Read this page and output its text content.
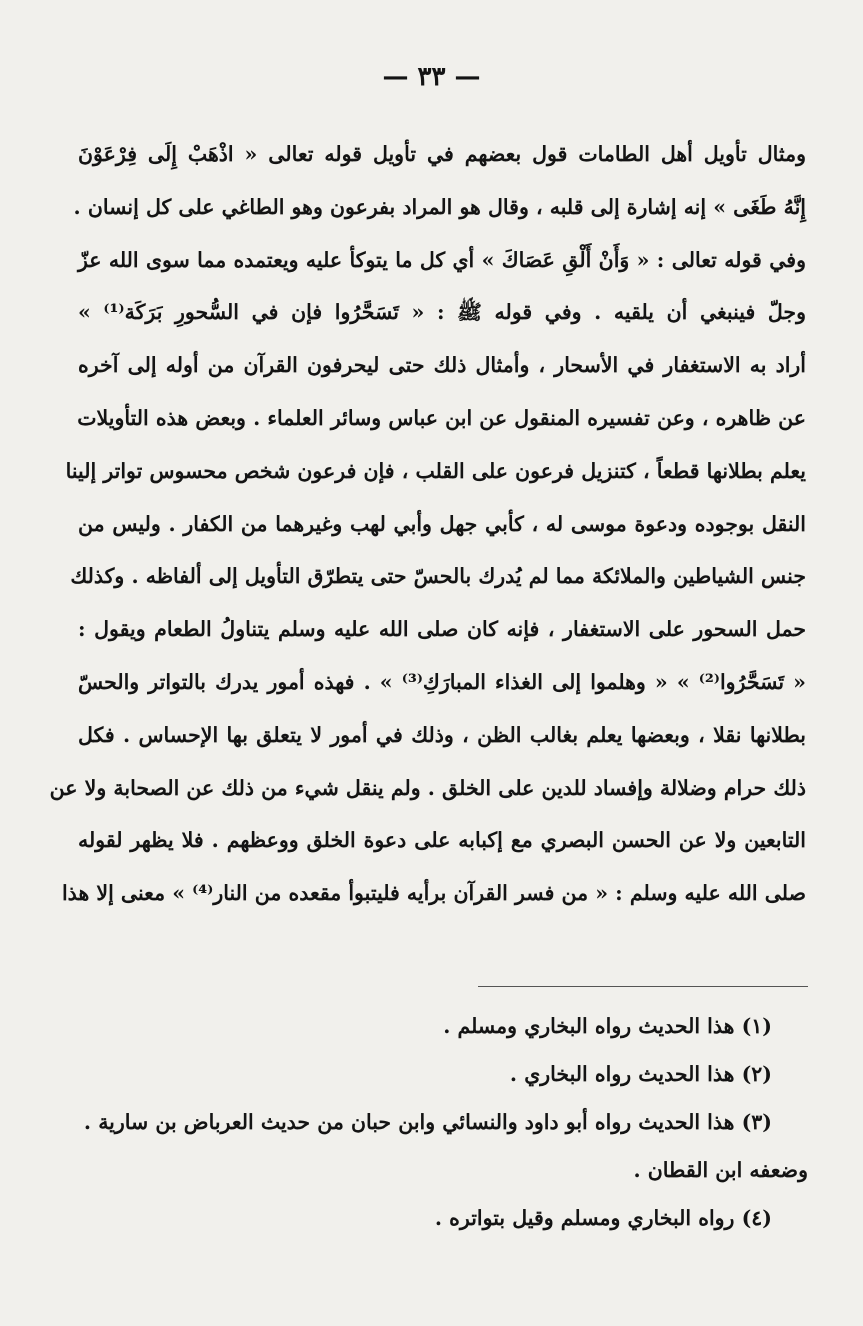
— ٣٣ —
ومثال تأويل أهل الطامات قول بعضهم في تأويل قوله تعالى « اذْهَبْ إِلَى فِرْعَوْنَ
إِنَّهُ طَغَى » إنه إشارة إلى قلبه ، وقال هو المراد بفرعون وهو الطاغي على كل إنسان .
وفي قوله تعالى : « وَأَنْ أَلْقِ عَصَاكَ » أي كل ما يتوكأ عليه ويعتمده مما سوى الله عزّ
وجلّ فينبغي أن يلقيه . وفي قوله ﷺ : « تَسَحَّرُوا فإن في السُّحورِ بَرَكَة⁽¹⁾ »
أراد به الاستغفار في الأسحار ، وأمثال ذلك حتى ليحرفون القرآن من أوله إلى آخره
عن ظاهره ، وعن تفسيره المنقول عن ابن عباس وسائر العلماء . وبعض هذه التأويلات
يعلم بطلانها قطعاً ، كتنزيل فرعون على القلب ، فإن فرعون شخص محسوس تواتر إلينا
النقل بوجوده ودعوة موسى له ، كأبي جهل وأبي لهب وغيرهما من الكفار . وليس من
جنس الشياطين والملائكة مما لم يُدرك بالحسّ حتى يتطرّق التأويل إلى ألفاظه . وكذلك
حمل السحور على الاستغفار ، فإنه كان صلى الله عليه وسلم يتناولُ الطعام ويقول :
« تَسَحَّرُوا⁽²⁾ » « وهلموا إلى الغذاء المبارَكِ⁽³⁾ » . فهذه أمور يدرك بالتواتر والحسّ
بطلانها نقلا ، وبعضها يعلم بغالب الظن ، وذلك في أمور لا يتعلق بها الإحساس . فكل
ذلك حرام وضلالة وإفساد للدين على الخلق . ولم ينقل شيء من ذلك عن الصحابة ولا عن
التابعين ولا عن الحسن البصري مع إكبابه على دعوة الخلق ووعظهم . فلا يظهر لقوله
صلى الله عليه وسلم : « من فسر القرآن برأيه فليتبوأ مقعده من النار⁽⁴⁾ » معنى إلا هذا
(١) هذا الحديث رواه البخاري ومسلم .
(٢) هذا الحديث رواه البخاري .
(٣) هذا الحديث رواه أبو داود والنسائي وابن حبان من حديث العرباض بن سارية .
وضعفه ابن القطان .
(٤) رواه البخاري ومسلم وقيل بتواتره .
